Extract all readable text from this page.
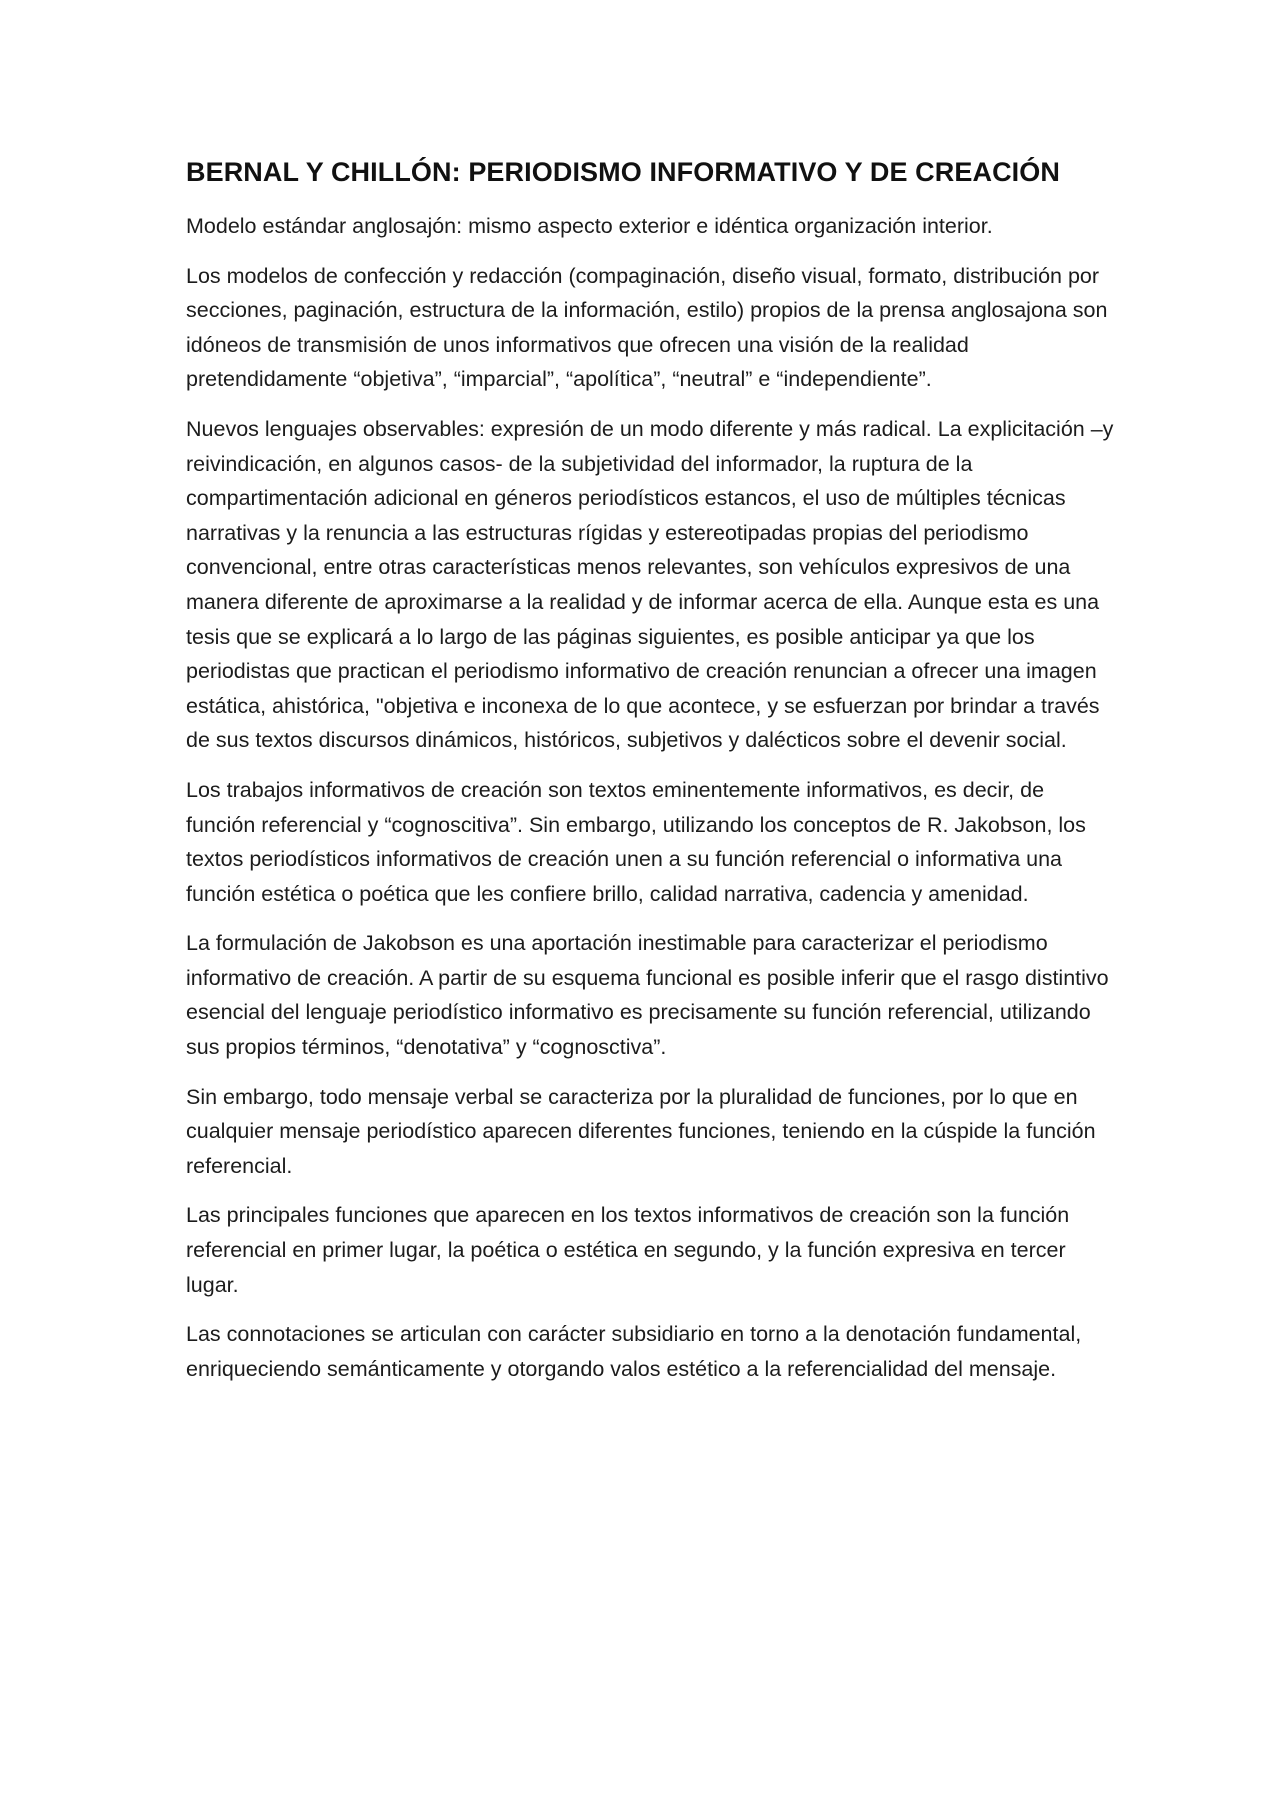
BERNAL Y CHILLÓN: PERIODISMO INFORMATIVO Y DE CREACIÓN

Modelo estándar anglosajón: mismo aspecto exterior e idéntica organización interior.

Los modelos de confección y redacción (compaginación, diseño visual, formato, distribución por secciones, paginación, estructura de la información, estilo) propios de la prensa anglosajona son idóneos de transmisión de unos informativos que ofrecen una visión de la realidad pretendidamente “objetiva”, “imparcial”, “apolítica”, “neutral” e “independiente”.

Nuevos lenguajes observables: expresión de un modo diferente y más radical. La explicitación –y reivindicación, en algunos casos- de la subjetividad del informador, la ruptura de la compartimentación adicional en géneros periodísticos estancos, el uso de múltiples técnicas narrativas y la renuncia a las estructuras rígidas y estereotipadas propias del periodismo convencional, entre otras características menos relevantes, son vehículos expresivos de una manera diferente de aproximarse a la realidad y de informar acerca de ella. Aunque esta es una tesis que se explicará a lo largo de las páginas siguientes, es posible anticipar ya que los periodistas que practican el periodismo informativo de creación renuncian a ofrecer una imagen estática, ahistórica, "objetiva e inconexa de lo que acontece, y se esfuerzan por brindar a través de sus textos discursos dinámicos, históricos, subjetivos y dalécticos sobre el devenir social.

Los trabajos informativos de creación son textos eminentemente informativos, es decir, de función referencial y “cognoscitiva”. Sin embargo, utilizando los conceptos de R. Jakobson, los textos periodísticos informativos de creación unen a su función referencial o informativa una función estética o poética que les confiere brillo, calidad narrativa, cadencia y amenidad.

La formulación de Jakobson es una aportación inestimable para caracterizar el periodismo informativo de creación. A partir de su esquema funcional es posible inferir que el rasgo distintivo esencial del lenguaje periodístico informativo es precisamente su función referencial, utilizando sus propios términos, “denotativa” y “cognosctiva”.

Sin embargo, todo mensaje verbal se caracteriza por la pluralidad de funciones, por lo que en cualquier mensaje periodístico aparecen diferentes funciones, teniendo en la cúspide la función referencial.

Las principales funciones que aparecen en los textos informativos de creación son la función referencial en primer lugar, la poética o estética en segundo, y la función expresiva en tercer lugar.

Las connotaciones se articulan con carácter subsidiario en torno a la denotación fundamental, enriqueciendo semánticamente y otorgando valos estético a la referencialidad del mensaje.
